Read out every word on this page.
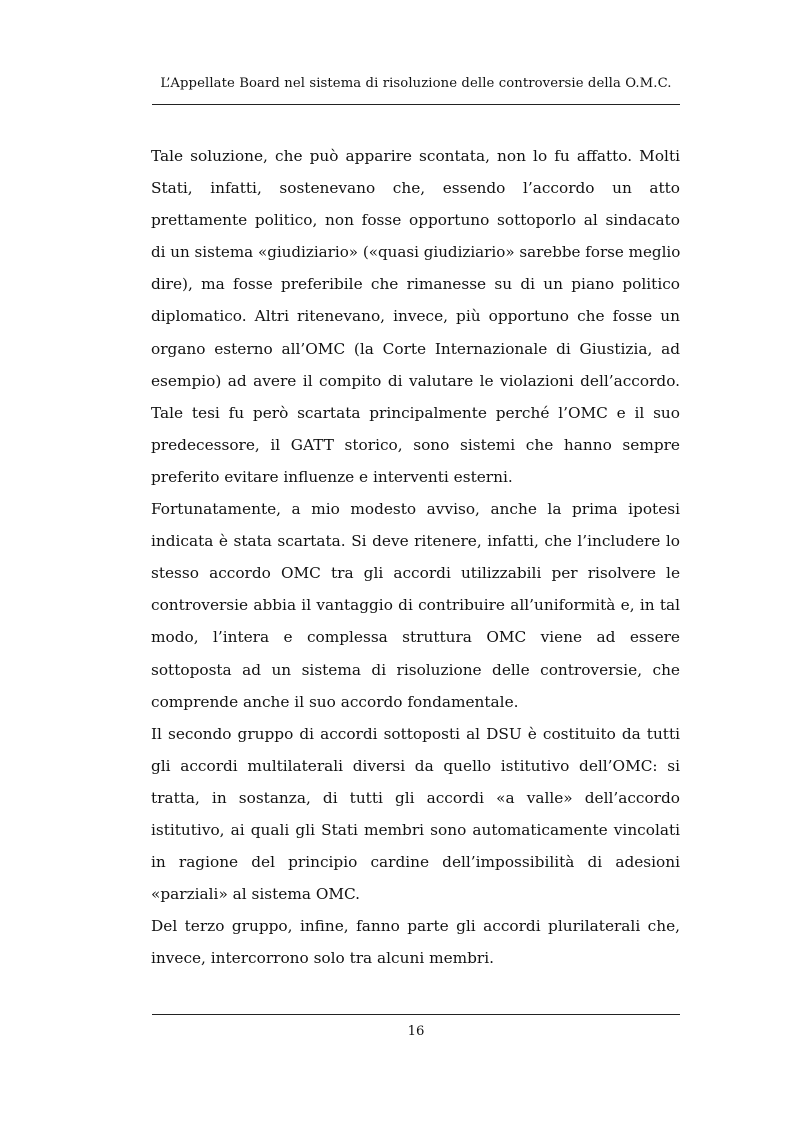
L’Appellate Board nel sistema di risoluzione delle controversie della O.M.C.
Tale soluzione, che può apparire scontata, non lo fu affatto. Molti
Stati, infatti, sostenevano che, essendo l’accordo un atto
prettamente politico, non fosse opportuno sottoporlo al sindacato
di un sistema «giudiziario» («quasi giudiziario» sarebbe forse meglio
dire), ma fosse preferibile che rimanesse su di un piano politico
diplomatico. Altri ritenevano, invece, più opportuno che fosse un
organo esterno all’OMC (la Corte Internazionale di Giustizia, ad
esempio) ad avere il compito di valutare le violazioni dell’accordo.
Tale tesi fu però scartata principalmente perché l’OMC e il suo
predecessore, il GATT storico, sono sistemi che hanno sempre
preferito evitare influenze e interventi esterni.
Fortunatamente, a mio modesto avviso, anche la prima ipotesi
indicata è stata scartata. Si deve ritenere, infatti, che l’includere lo
stesso accordo OMC tra gli accordi utilizzabili per risolvere le
controversie abbia il vantaggio di contribuire all’uniformità e, in tal
modo, l’intera e complessa struttura OMC viene ad essere
sottoposta ad un sistema di risoluzione delle controversie, che
comprende anche il suo accordo fondamentale.
Il secondo gruppo di accordi sottoposti al DSU è costituito da tutti
gli accordi multilaterali diversi da quello istitutivo dell’OMC: si
tratta, in sostanza, di tutti gli accordi «a valle» dell’accordo
istitutivo, ai quali gli Stati membri sono automaticamente vincolati
in ragione del principio cardine dell’impossibilità di adesioni
«parziali» al sistema OMC.
Del terzo gruppo, infine, fanno parte gli accordi plurilaterali che,
invece, intercorrono solo tra alcuni membri.
16
